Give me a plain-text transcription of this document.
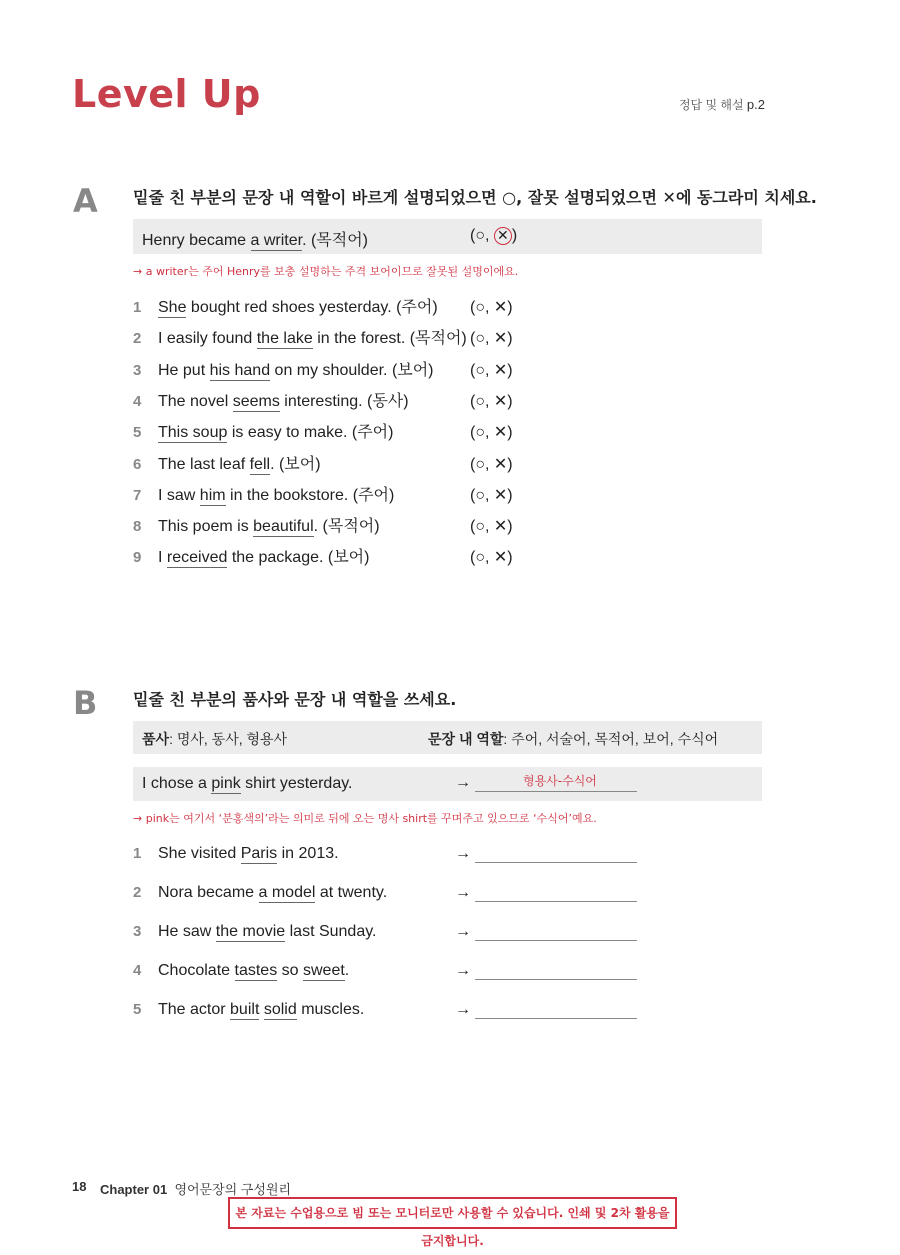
Level Up	정답 및 해설 p.2
A 밑줄 친 부분의 문장 내 역할이 바르게 설명되었으면 ○, 잘못 설명되었으면 ✕에 동그라미 치세요.
Henry became a writer. (목적어)	(○, ✕ )
→ a writer는 주어 Henry를 보충 설명하는 주격 보어이므로 잘못된 설명이에요.
1 She bought red shoes yesterday. (주어) (○, ✕)
2 I easily found the lake in the forest. (목적어) (○, ✕)
3 He put his hand on my shoulder. (보어) (○, ✕)
4 The novel seems interesting. (동사)	(○, ✕)
5 This soup is easy to make. (주어)	(○, ✕)
6 The last leaf fell. (보어)	(○, ✕)
7 I saw him in the bookstore. (주어)	(○, ✕)
8 This poem is beautiful. (목적어)	(○, ✕)
9 I received the package. (보어)	(○, ✕)
B 밑줄 친 부분의 품사와 문장 내 역할을 쓰세요.
품사: 명사, 동사, 형용사	문장 내 역할: 주어, 서술어, 목적어, 보어, 수식어
I chose a pink shirt yesterday.	→	형용사-수식어
→ pink는 여기서 ‘분홍색의’라는 의미로 뒤에 오는 명사 shirt를 꾸며주고 있으므로 ‘수식어’예요.
1 She visited Paris in 2013.	→
2 Nora became a model at twenty.	→
3 He saw the movie last Sunday.	→
4 Chocolate tastes so sweet.	→
5 The actor built solid muscles.	→
18 Chapter 01 영어문장의 구성원리
본 자료는 수업용으로 빔 또는 모니터로만 사용할 수 있습니다. 인쇄 및 2차 활용을 금지합니다.
